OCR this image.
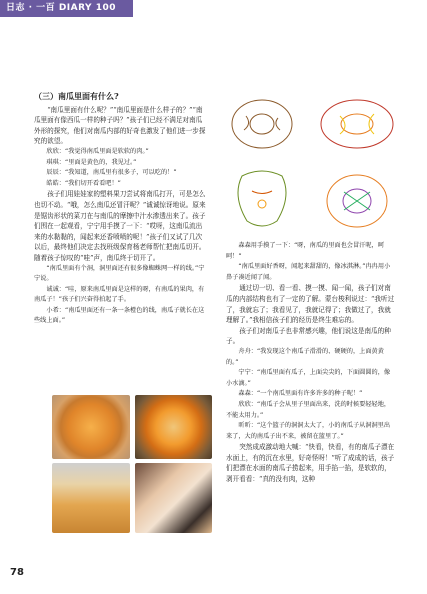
日志 · 一百 DIARY 100
（三）南瓜里面有什么?

“南瓜里面有什么呢？”“南瓜里面是什么样子的？”“南瓜里面有像西瓜一样的种子吗？”孩子们已经不满足对南瓜外形的探究，他们对南瓜内部的好奇也激发了他们进一步探究的欲望。

欣欣：“我觉得南瓜里面是软软的肉。”

琪琪：“里面是黄色的，我见过。”

辰辰：“我知道，南瓜里有很多子，可以吃的！”

皓皓：“我们切开看看吧！”

孩子们用娃娃家的塑料果刀尝试将南瓜打开，可是怎么也切不动。“哦，怎么南瓜还冒汗呢？”诚诚惊讶地说。原来是锯齿形状的菜刀在与南瓜的摩擦中汁水渗透出来了。孩子们围在一起观看，宁宁用手摸了一下：“哎呀，这南瓜流出来的水黏黏的，闻起来还香喷喷的呢！”孩子们又试了几次以后，最终他们决定去找班级保育杨老师帮忙把南瓜切开。随着孩子惊叹的“哇”声，南瓜终于切开了。

“南瓜里面有个洞，洞里面还有很多像蜘蛛网一样的线。”宁宁说。

诚诚：“哇，原来南瓜里面是这样的呀，有南瓜的果肉，有南瓜子！”孩子们兴奋得拍起了手。

小希：“南瓜里面还有一条一条橙色的线，南瓜子就长在这些线上面。”

森森用手摸了一下：“呀，南瓜的里面也会冒汗呢，呵呵！”

“南瓜里面好香呀，闻起来甜甜的，像冰淇淋。”冉冉用小鼻子凑近闻了闻。

通过切一切、看一看、摸一摸、闻一闻，孩子们对南瓜的内部结构也有了一定的了解。蒙台梭利说过：“我听过了，我就忘了；我看见了，我就记得了；我做过了，我就理解了。”我相信孩子们的经历是终生难忘的。

孩子们对南瓜子也非常感兴趣，他们说这是南瓜的种子。

舟舟：“我发现这个南瓜子滑滑的、硬硬的，上面黄黄的。”

宁宁：“南瓜里面有瓜子，上面尖尖的，下面圆圆的，像小水滴。”

森森：“一个南瓜里面有许多许多的种子呢！”

欣欣：“南瓜子会从里子里面出来，洗的时候要轻轻地，不能太用力。”

昕昕：“这个篮子的洞洞太大了，小的南瓜子从洞洞里出来了，大的南瓜子出不来，被留在篮里了。”

突然成成激动地大喊：“快看，快看，有的南瓜子漂在水面上，有的沉在水里，好奇怪呀！”听了成成的话，孩子们把漂在水面的南瓜子捞起来，用手掐一掐，是软软的，剥开看看：“真的没有肉，这种

78
